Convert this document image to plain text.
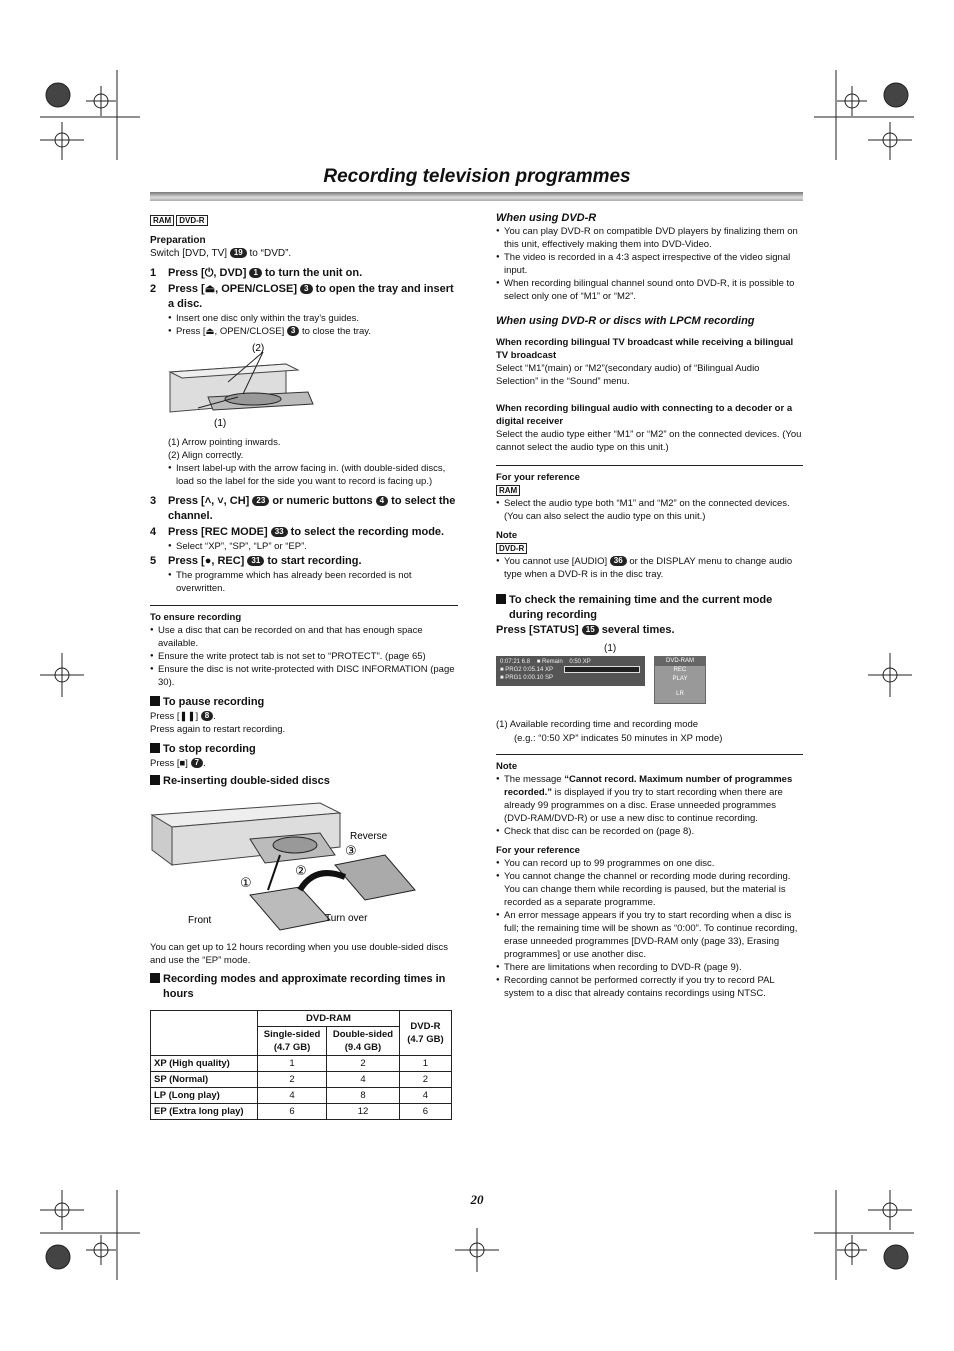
Recording television programmes
RAM DVD-R
Preparation
Switch [DVD, TV] 19 to “DVD”.
1 Press [⏻, DVD] 1 to turn the unit on.
2 Press [⏏, OPEN/CLOSE] 3 to open the tray and insert a disc.
● Insert one disc only within the tray’s guides.
● Press [⏏, OPEN/CLOSE] 3 to close the tray.
(2)
(1)
(1) Arrow pointing inwards.
(2) Align correctly.
● Insert label-up with the arrow facing in. (with double-sided discs, load so the label for the side you want to record is facing up.)
3 Press [˄, ˅, CH] 23 or numeric buttons 4 to select the channel.
4 Press [REC MODE] 33 to select the recording mode.
● Select “XP”, “SP”, “LP” or “EP”.
5 Press [●, REC] 31 to start recording.
● The programme which has already been recorded is not overwritten.
To ensure recording
● Use a disc that can be recorded on and that has enough space available.
● Ensure the write protect tab is not set to “PROTECT”. (page 65)
● Ensure the disc is not write-protected with DISC INFORMATION (page 30).
To pause recording
Press [❚❚] 8 .
Press again to restart recording.
To stop recording
Press [■] 7 .
Re-inserting double-sided discs
Reverse
③
②
①
Front	Turn over
You can get up to 12 hours recording when you use double-sided discs and use the “EP” mode.
Recording modes and approximate recording times in hours
	DVD-RAM		DVD-R (4.7 GB)
	Single-sided (4.7 GB)	Double-sided (9.4 GB)	
XP (High quality)	1	2	1
SP (Normal)	2	4	2
LP (Long play)	4	8	4
EP (Extra long play)	6	12	6
When using DVD-R
● You can play DVD-R on compatible DVD players by finalizing them on this unit, effectively making them into DVD-Video.
● The video is recorded in a 4:3 aspect irrespective of the video signal input.
● When recording bilingual channel sound onto DVD-R, it is possible to select only one of “M1” or “M2”.
When using DVD-R or discs with LPCM recording
When recording bilingual TV broadcast while receiving a bilingual TV broadcast
Select “M1”(main) or “M2”(secondary audio) of “Bilingual Audio Selection” in the “Sound” menu.
When recording bilingual audio with connecting to a decoder or a digital receiver
Select the audio type either “M1” or “M2” on the connected devices. (You cannot select the audio type on this unit.)
For your reference
RAM
● Select the audio type both “M1” and “M2” on the connected devices. (You can also select the audio type on this unit.)
Note
DVD-R
● You cannot use [AUDIO] 36 or the DISPLAY menu to change audio type when a DVD-R is in the disc tray.
To check the remaining time and the current mode during recording
Press [STATUS] 15 several times.
(1)
0:07:21 6.8 ■ Remain 0:50 XP
■ PRG2 0:05.14 XP
■ PRG1 0:00.10 SP
DVD-RAM
REC
PLAY
LR
(1) Available recording time and recording mode
(e.g.: “0:50 XP” indicates 50 minutes in XP mode)
Note
● The message “Cannot record. Maximum number of programmes recorded.” is displayed if you try to start recording when there are already 99 programmes on a disc. Erase unneeded programmes (DVD-RAM/DVD-R) or use a new disc to continue recording.
● Check that disc can be recorded on (page 8).
For your reference
● You can record up to 99 programmes on one disc.
● You cannot change the channel or recording mode during recording. You can change them while recording is paused, but the material is recorded as a separate programme.
● An error message appears if you try to start recording when a disc is full; the remaining time will be shown as “0:00”. To continue recording, erase unneeded programmes [DVD-RAM only (page 33), Erasing programmes] or use another disc.
● There are limitations when recording to DVD-R (page 9).
● Recording cannot be performed correctly if you try to record PAL system to a disc that already contains recordings using NTSC.
20
